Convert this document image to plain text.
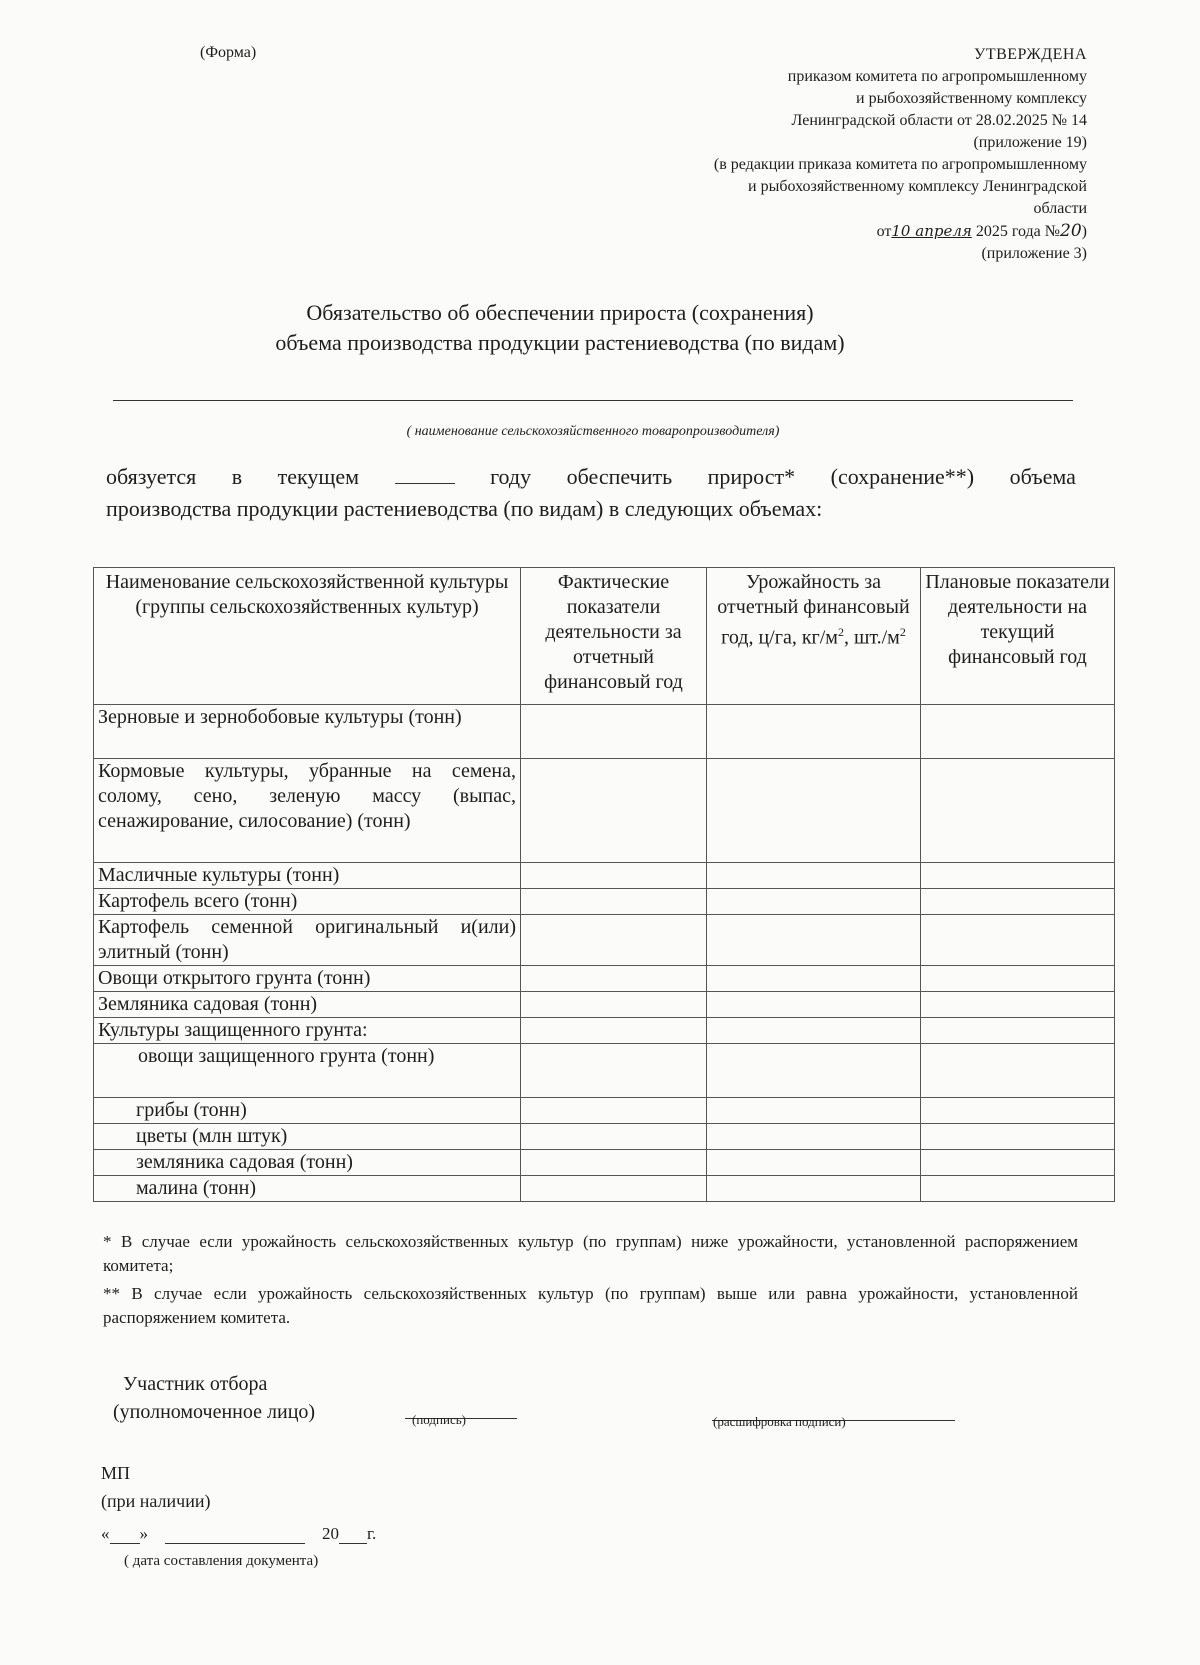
(Форма)	УТВЕРЖДЕНА
приказом комитета по агропромышленному
и рыбохозяйственному комплексу
Ленинградской области от 28.02.2025 № 14
(приложение 19)
(в редакции приказа комитета по агропромышленному
и рыбохозяйственному комплексу Ленинградской
области
от10 апреля 2025 года №20)
(приложение 3)
Обязательство об обеспечении прироста (сохранения)
объема производства продукции растениеводства (по видам)
( наименование сельскохозяйственного товаропроизводителя)
обязуется в текущем	году обеспечить прирост* (сохранение**) объема
производства продукции растениеводства (по видам) в следующих объемах:
Наименование сельскохозяйственной культуры (группы сельскохозяйственных культур)	Фактические показатели деятельности за отчетный финансовый год	Урожайность за отчетный финансовый год, ц/га, $кг/м^2$, $шт./м^2$	Плановые показатели деятельности на текущий финансовый год
Зерновые и зернобобовые культуры (тонн)			
Кормовые культуры, убранные на семена, солому, сено, зеленую массу (выпас, сенажирование, силосование) (тонн)			
Масличные культуры (тонн)			
Картофель всего (тонн)			
Картофель семенной оригинальный и(или) элитный (тонн)			
Овощи открытого грунта (тонн)			
Земляника садовая (тонн)			
Культуры защищенного грунта:			
овощи защищенного грунта (тонн)			
грибы (тонн)			
цветы (млн штук)			
земляника садовая (тонн)			
малина (тонн)			

* В случае если урожайность сельскохозяйственных культур (по группам) ниже урожайности, установленной распоряжением комитета;

** В случае если урожайность сельскохозяйственных культур (по группам) выше или равна урожайности, установленной распоряжением комитета.

Участник отбора
(уполномоченное лицо)	(подпись)	(расшифровка подписи)
МП
(при наличии)
« »	20 г.
( дата составления документа)
